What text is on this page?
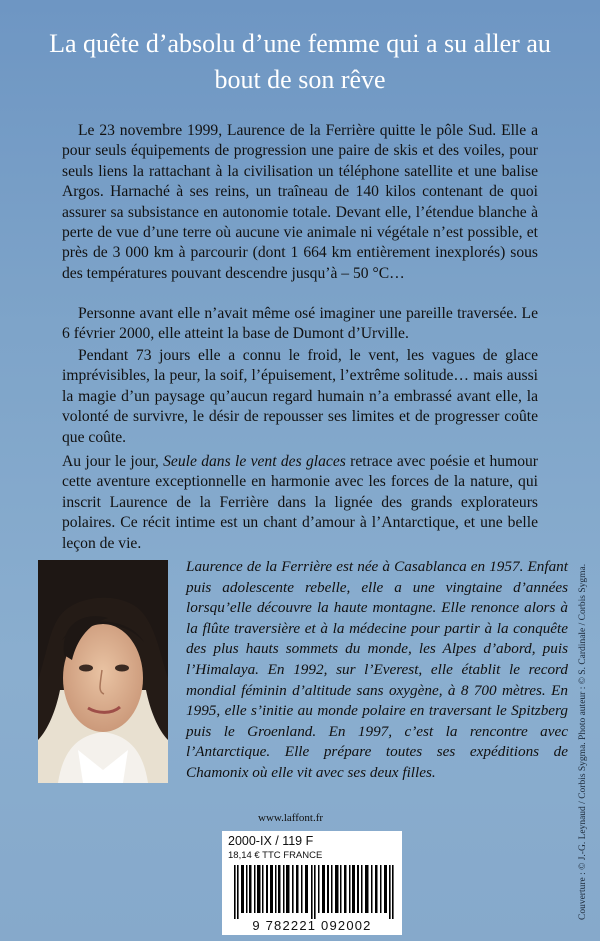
La quête d’absolu d’une femme qui a su aller au bout de son rêve

Le 23 novembre 1999, Laurence de la Ferrière quitte le pôle Sud. Elle a pour seuls équipements de progression une paire de skis et des voiles, pour seuls liens la rattachant à la civilisation un téléphone satellite et une balise Argos. Harnaché à ses reins, un traîneau de 140 kilos contenant de quoi assurer sa subsistance en autonomie totale. Devant elle, l’étendue blanche à perte de vue d’une terre où aucune vie animale ni végétale n’est possible, et près de 3 000 km à parcourir (dont 1 664 km entièrement inexplorés) sous des températures pouvant descendre jusqu’à – 50 °C…

Personne avant elle n’avait même osé imaginer une pareille traversée. Le 6 février 2000, elle atteint la base de Dumont d’Urville.

Pendant 73 jours elle a connu le froid, le vent, les vagues de glace imprévisibles, la peur, la soif, l’épuisement, l’extrême solitude… mais aussi la magie d’un paysage qu’aucun regard humain n’a embrassé avant elle, la volonté de survivre, le désir de repousser ses limites et de progresser coûte que coûte.

Au jour le jour, Seule dans le vent des glaces retrace avec poésie et humour cette aventure exceptionnelle en harmonie avec les forces de la nature, qui inscrit Laurence de la Ferrière dans la lignée des grands explorateurs polaires. Ce récit intime est un chant d’amour à l’Antarctique, et une belle leçon de vie.

Laurence de la Ferrière est née à Casablanca en 1957. Enfant puis adolescente rebelle, elle a une vingtaine d’années lorsqu’elle découvre la haute montagne. Elle renonce alors à la flûte traversière et à la médecine pour partir à la conquête des plus hauts sommets du monde, les Alpes d’abord, puis l’Himalaya. En 1992, sur l’Everest, elle établit le record mondial féminin d’altitude sans oxygène, à 8 700 mètres. En 1995, elle s’initie au monde polaire en traversant le Spitzberg puis le Groenland. En 1997, c’est la rencontre avec l’Antarctique. Elle prépare toutes ses expéditions de Chamonix où elle vit avec ses deux filles.

www.laffont.fr
2000-IX / 119 F
18,14 € TTC FRANCE
9 782221 092002
Couverture : © J.-G. Leynaud / Corbis Sygma. Photo auteur : © S. Cardinale / Corbis Sygma.
